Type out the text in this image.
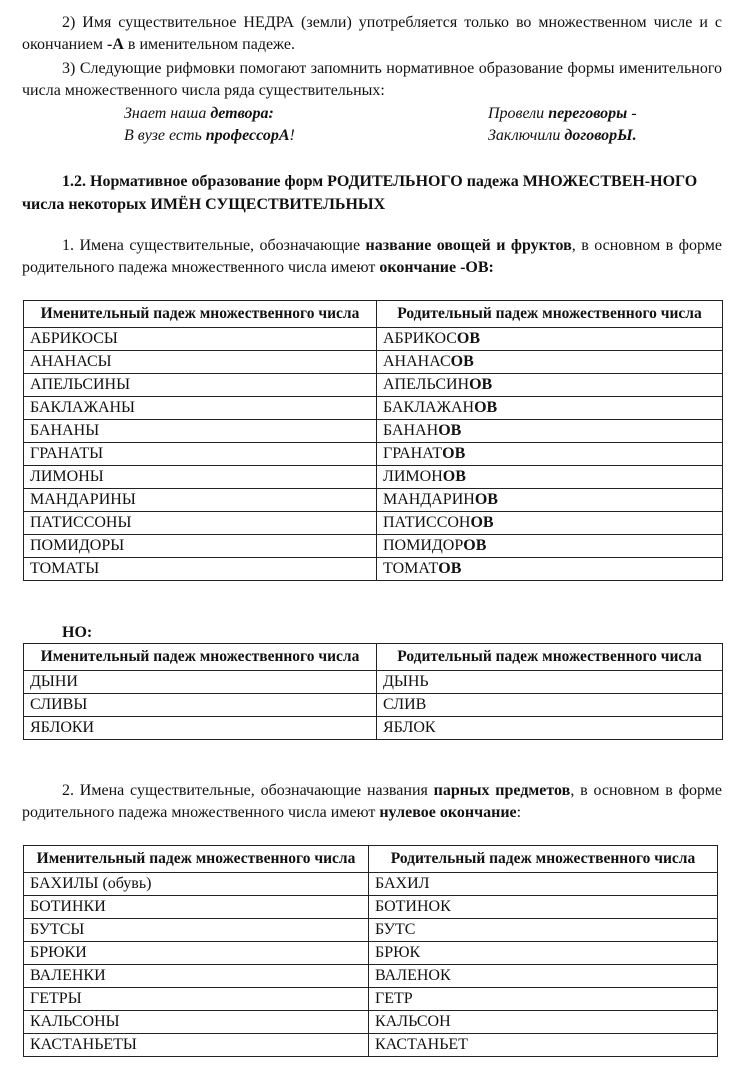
2) Имя существительное НЕДРА (земли) употребляется только во множественном числе и с окончанием -А в именительном падеже.

3) Следующие рифмовки помогают запомнить нормативное образование формы именительного числа множественного числа ряда существительных:

Знает наша детвора:
В вузе есть профессорА!
Провели переговоры -
Заключили договорЫ.

1.2. Нормативное образование форм РОДИТЕЛЬНОГО падежа МНОЖЕСТВЕН-НОГО числа некоторых ИМЁН СУЩЕСТВИТЕЛЬНЫХ

1. Имена существительные, обозначающие название овощей и фруктов, в основном в форме родительного падежа множественного числа имеют окончание -ОВ:

Именительный падеж множественного числа	Родительный падеж множественного числа
АБРИКОСЫ	АБРИКОСОВ
АНАНАСЫ	АНАНАСОВ
АПЕЛЬСИНЫ	АПЕЛЬСИНОВ
БАКЛАЖАНЫ	БАКЛАЖАНОВ
БАНАНЫ	БАНАНОВ
ГРАНАТЫ	ГРАНАТОВ
ЛИМОНЫ	ЛИМОНОВ
МАНДАРИНЫ	МАНДАРИНОВ
ПАТИССОНЫ	ПАТИССОНОВ
ПОМИДОРЫ	ПОМИДОРОВ
ТОМАТЫ	ТОМАТОВ
НО:
Именительный падеж множественного числа	Родительный падеж множественного числа
ДЫНИ	ДЫНЬ
СЛИВЫ	СЛИВ
ЯБЛОКИ	ЯБЛОК

2. Имена существительные, обозначающие названия парных предметов, в основном в форме родительного падежа множественного числа имеют нулевое окончание:

Именительный падеж множественного числа	Родительный падеж множественного числа
БАХИЛЫ (обувь)	БАХИЛ
БОТИНКИ	БОТИНОК
БУТСЫ	БУТС
БРЮКИ	БРЮК
ВАЛЕНКИ	ВАЛЕНОК
ГЕТРЫ	ГЕТР
КАЛЬСОНЫ	КАЛЬСОН
КАСТАНЬЕТЫ	КАСТАНЬЕТ
